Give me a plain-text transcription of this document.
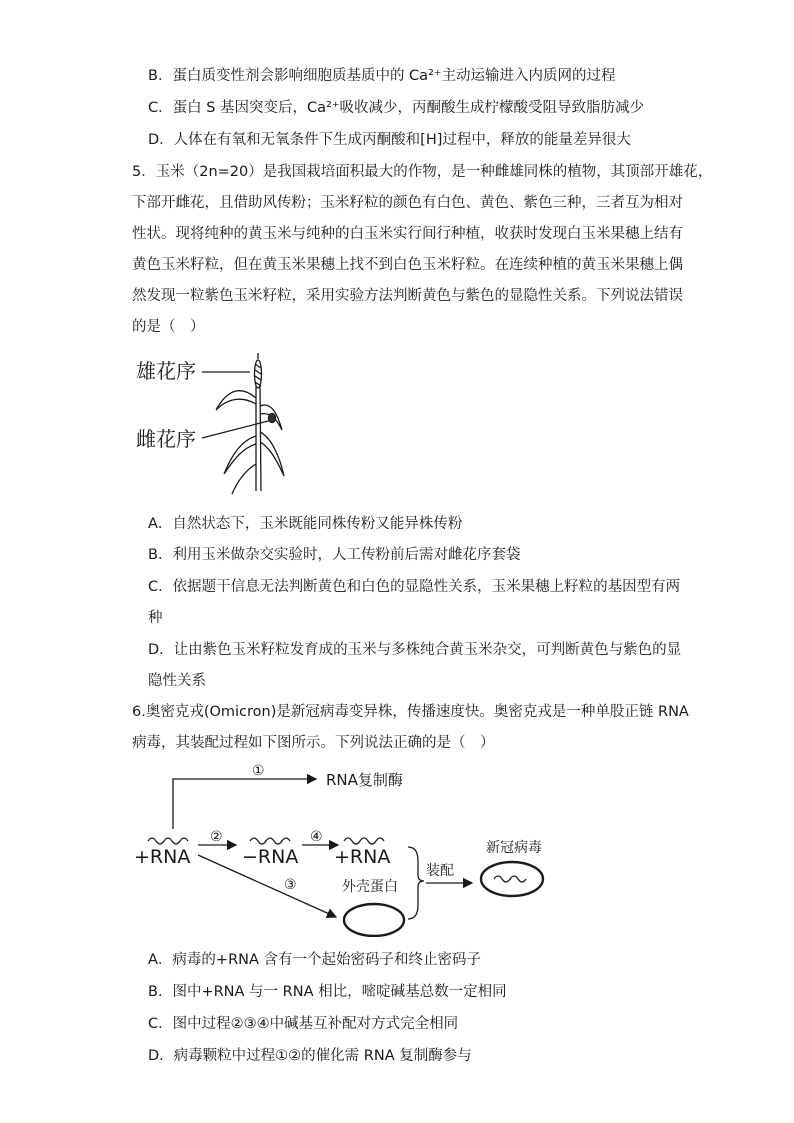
B．蛋白质变性剂会影响细胞质基质中的 Ca²⁺主动运输进入内质网的过程
C．蛋白 S 基因突变后，Ca²⁺吸收减少，丙酮酸生成柠檬酸受阻导致脂肪减少
D．人体在有氧和无氧条件下生成丙酮酸和[H]过程中，释放的能量差异很大
5．玉米（2n=20）是我国栽培面积最大的作物，是一种雌雄同株的植物，其顶部开雄花，
下部开雌花，且借助风传粉；玉米籽粒的颜色有白色、黄色、紫色三种，三者互为相对
性状。现将纯种的黄玉米与纯种的白玉米实行间行种植，收获时发现白玉米果穗上结有
黄色玉米籽粒，但在黄玉米果穗上找不到白色玉米籽粒。在连续种植的黄玉米果穗上偶
然发现一粒紫色玉米籽粒，采用实验方法判断黄色与紫色的显隐性关系。下列说法错误
的是（　）
雄花序
雌花序
A．自然状态下，玉米既能同株传粉又能异株传粉
B．利用玉米做杂交实验时，人工传粉前后需对雌花序套袋
C．依据题干信息无法判断黄色和白色的显隐性关系，玉米果穗上籽粒的基因型有两
种
D．让由紫色玉米籽粒发育成的玉米与多株纯合黄玉米杂交，可判断黄色与紫色的显
隐性关系
6.奥密克戎(Omicron)是新冠病毒变异株，传播速度快。奥密克戎是一种单股正链 RNA
病毒，其装配过程如下图所示。下列说法正确的是（　）
①	RNA复制酶
+RNA
②
−RNA
④
+RNA
③	外壳蛋白
装配
新冠病毒
A．病毒的+RNA 含有一个起始密码子和终止密码子
B．图中+RNA 与一 RNA 相比，嘧啶碱基总数一定相同
C．图中过程②③④中碱基互补配对方式完全相同
D．病毒颗粒中过程①②的催化需 RNA 复制酶参与
